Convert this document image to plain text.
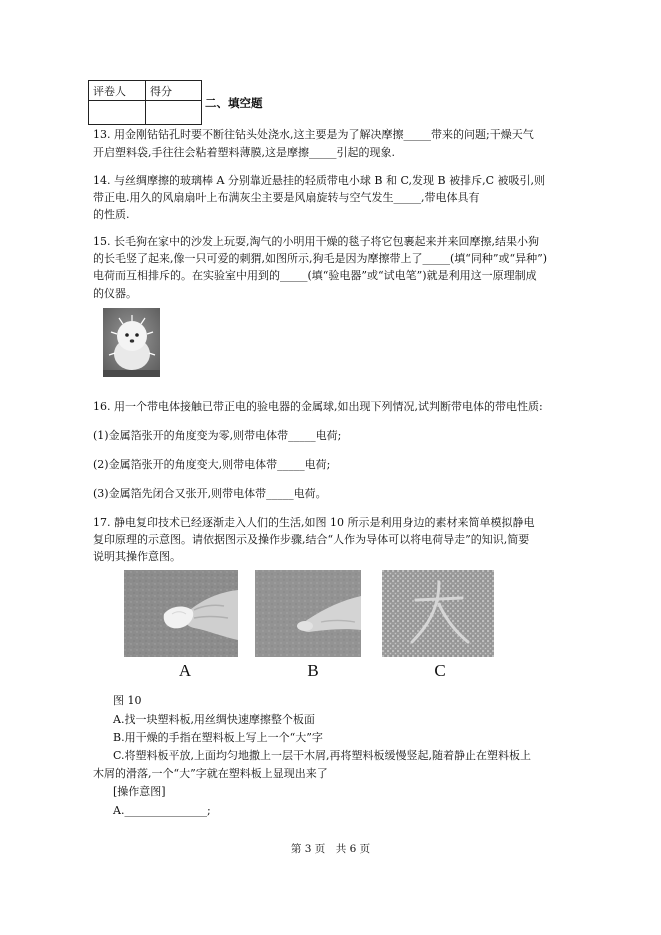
评卷人	得分

二、填空题
13. 用金刚钻钻孔时要不断往钻头处浇水,这主要是为了解决摩擦_____带来的问题;干燥天气
开启塑料袋,手往往会粘着塑料薄膜,这是摩擦_____引起的现象.
14. 与丝绸摩擦的玻璃棒 A 分别靠近悬挂的轻质带电小球 B 和 C,发现 B 被排斥,C 被吸引,则
带正电.用久的风扇扇叶上布满灰尘主要是风扇旋转与空气发生_____,带电体具有
的性质.
15. 长毛狗在家中的沙发上玩耍,淘气的小明用干燥的毯子将它包裹起来并来回摩擦,结果小狗
的长毛竖了起来,像一只可爱的刺猬,如图所示,狗毛是因为摩擦带上了_____(填“同种”或“异种”)
电荷而互相排斥的。在实验室中用到的_____(填“验电器”或“试电笔”)就是利用这一原理制成
的仪器。
16. 用一个带电体接触已带正电的验电器的金属球,如出现下列情况,试判断带电体的带电性质:
(1)金属箔张开的角度变为零,则带电体带_____电荷;
(2)金属箔张开的角度变大,则带电体带_____电荷;
(3)金属箔先闭合又张开,则带电体带_____电荷。
17. 静电复印技术已经逐渐走入人们的生活,如图 10 所示是利用身边的素材来简单模拟静电
复印原理的示意图。请依据图示及操作步骤,结合“人作为导体可以将电荷导走”的知识,简要
说明其操作意图。
A	B	C
图 10
A.找一块塑料板,用丝绸快速摩擦整个板面
B.用干燥的手指在塑料板上写上一个“大”字
C.将塑料板平放,上面均匀地撒上一层干木屑,再将塑料板缓慢竖起,随着静止在塑料板上
木屑的滑落,一个“大”字就在塑料板上显现出来了
[操作意图]
A._______________;
第 3 页　共 6 页
